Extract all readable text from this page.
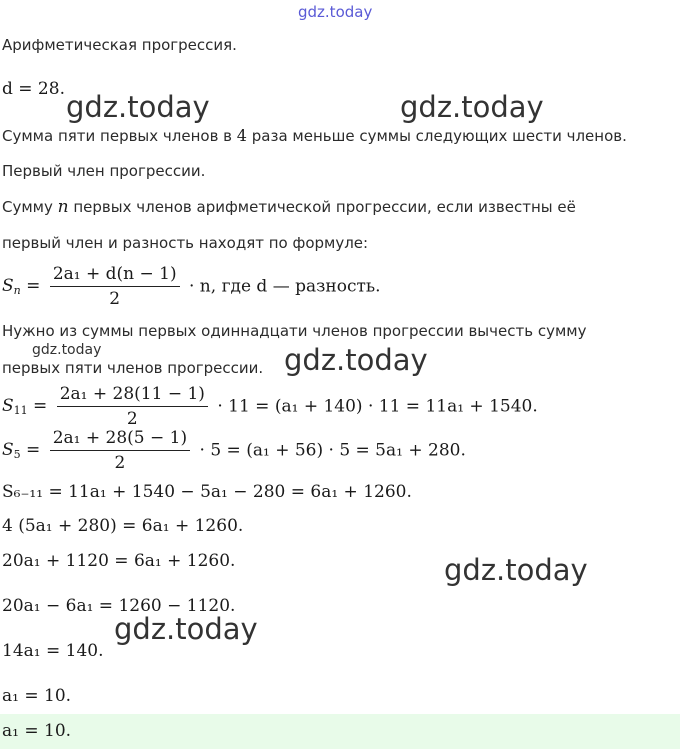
gdz.today
Арифметическая прогрессия.
d = 28.
gdz.today	gdz.today
Сумма пяти первых членов в 4 раза меньше суммы следующих шести членов.
Первый член прогрессии.
Сумму n первых членов арифметической прогрессии, если известны её
первый член и разность находят по формуле:
$S_n = \frac{\text{2a₁ + d(n − 1)}}{2} \cdot n$, где d — разность.
Нужно из суммы первых одиннадцати членов прогрессии вычесть сумму
gdz.today
первых пяти членов прогрессии. gdz.today
$S_{11} = \frac{\text{2a₁ + 28(11 − 1)}}{2} \cdot 11 = (a_1 + 140) \cdot 11 = 11a_1 + 1540$.
$S_5 = \frac{\text{2a₁ + 28(5 − 1)}}{2} \cdot 5 = (a_1 + 56) \cdot 5 = 5a_1 + 280$.
S₆₋₁₁ = 11a₁ + 1540 − 5a₁ − 280 = 6a₁ + 1260.
4 (5a₁ + 280) = 6a₁ + 1260.
20a₁ + 1120 = 6a₁ + 1260.	gdz.today
20a₁ − 6a₁ = 1260 − 1120.
gdz.today
14a₁ = 140.
a₁ = 10.
a₁ = 10.
